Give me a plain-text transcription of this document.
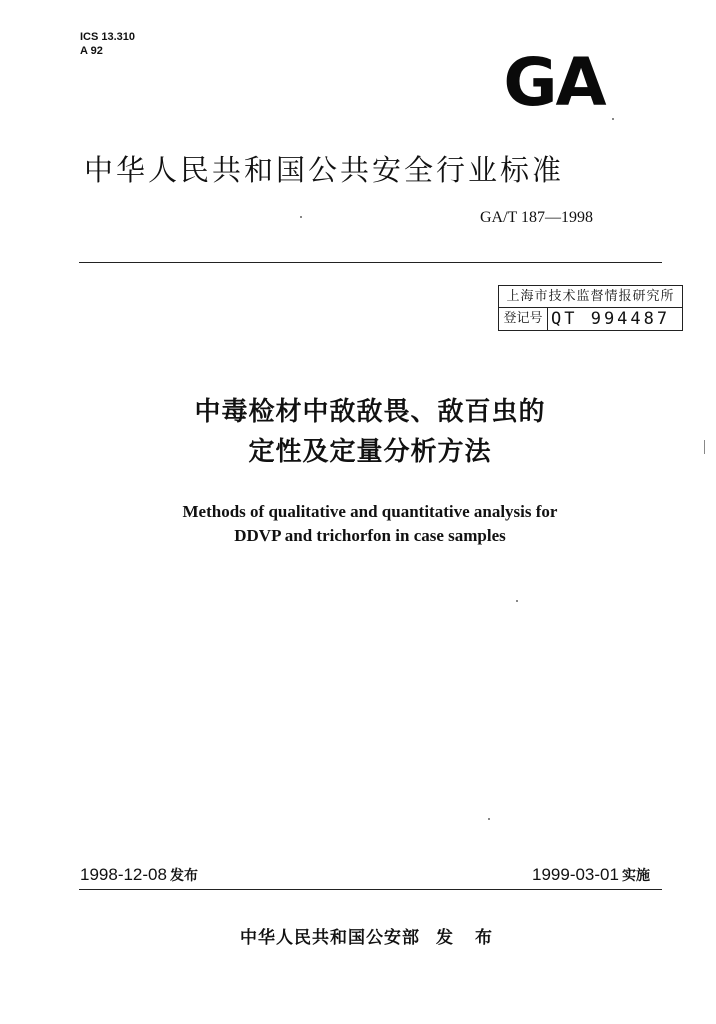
ICS 13.310
A 92	GA
中华人民共和国公共安全行业标准
GA/T 187—1998
上海市技术监督情报研究所
登记号 QT 994487
中毒检材中敌敌畏、敌百虫的
定性及定量分析方法
Methods of qualitative and quantitative analysis for
DDVP and trichorfon in case samples
1998-12-08 发布	1999-03-01 实施
中华人民共和国公安部 发 布
